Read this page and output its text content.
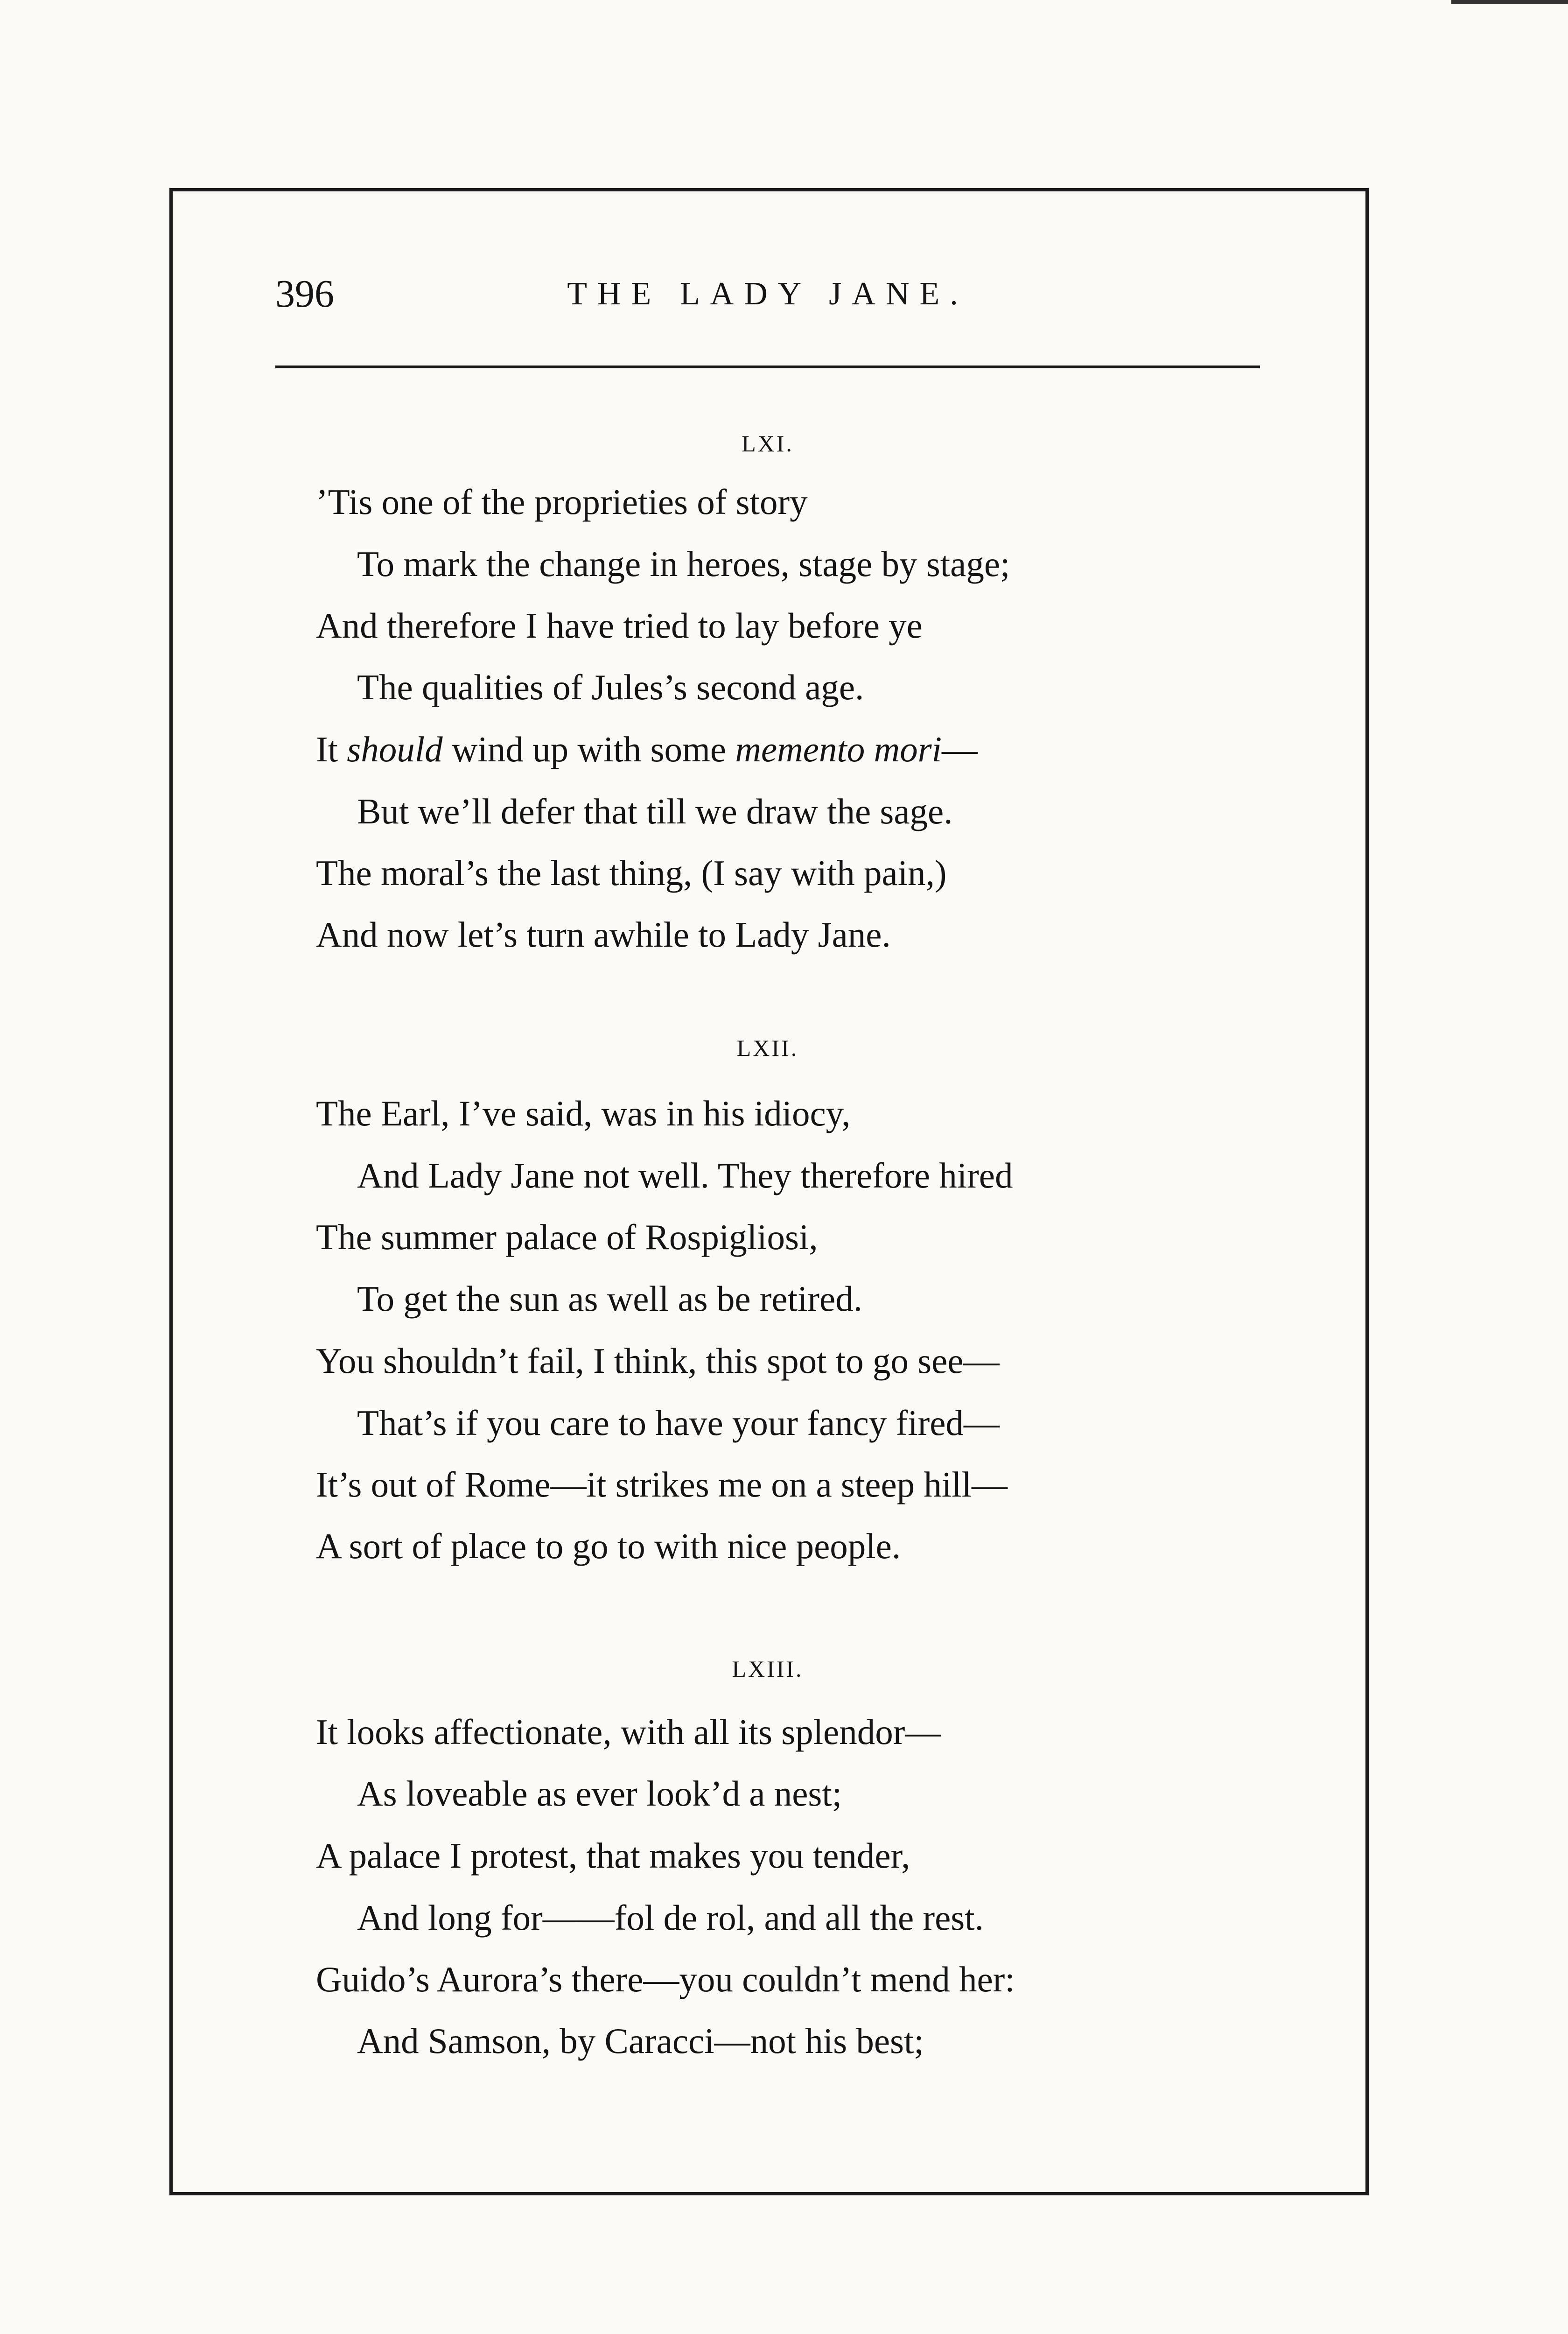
396	THE LADY JANE.
LXI.
’Tis one of the proprieties of story
To mark the change in heroes, stage by stage;
And therefore I have tried to lay before ye
The qualities of Jules’s second age.
It should wind up with some memento mori—
But we’ll defer that till we draw the sage.
The moral’s the last thing, (I say with pain,)
And now let’s turn awhile to Lady Jane.
LXII.
The Earl, I’ve said, was in his idiocy,
And Lady Jane not well. They therefore hired
The summer palace of Rospigliosi,
To get the sun as well as be retired.
You shouldn’t fail, I think, this spot to go see—
That’s if you care to have your fancy fired—
It’s out of Rome—it strikes me on a steep hill—
A sort of place to go to with nice people.
LXIII.
It looks affectionate, with all its splendor—
As loveable as ever look’d a nest;
A palace I protest, that makes you tender,
And long for——fol de rol, and all the rest.
Guido’s Aurora’s there—you couldn’t mend her:
And Samson, by Caracci—not his best;
